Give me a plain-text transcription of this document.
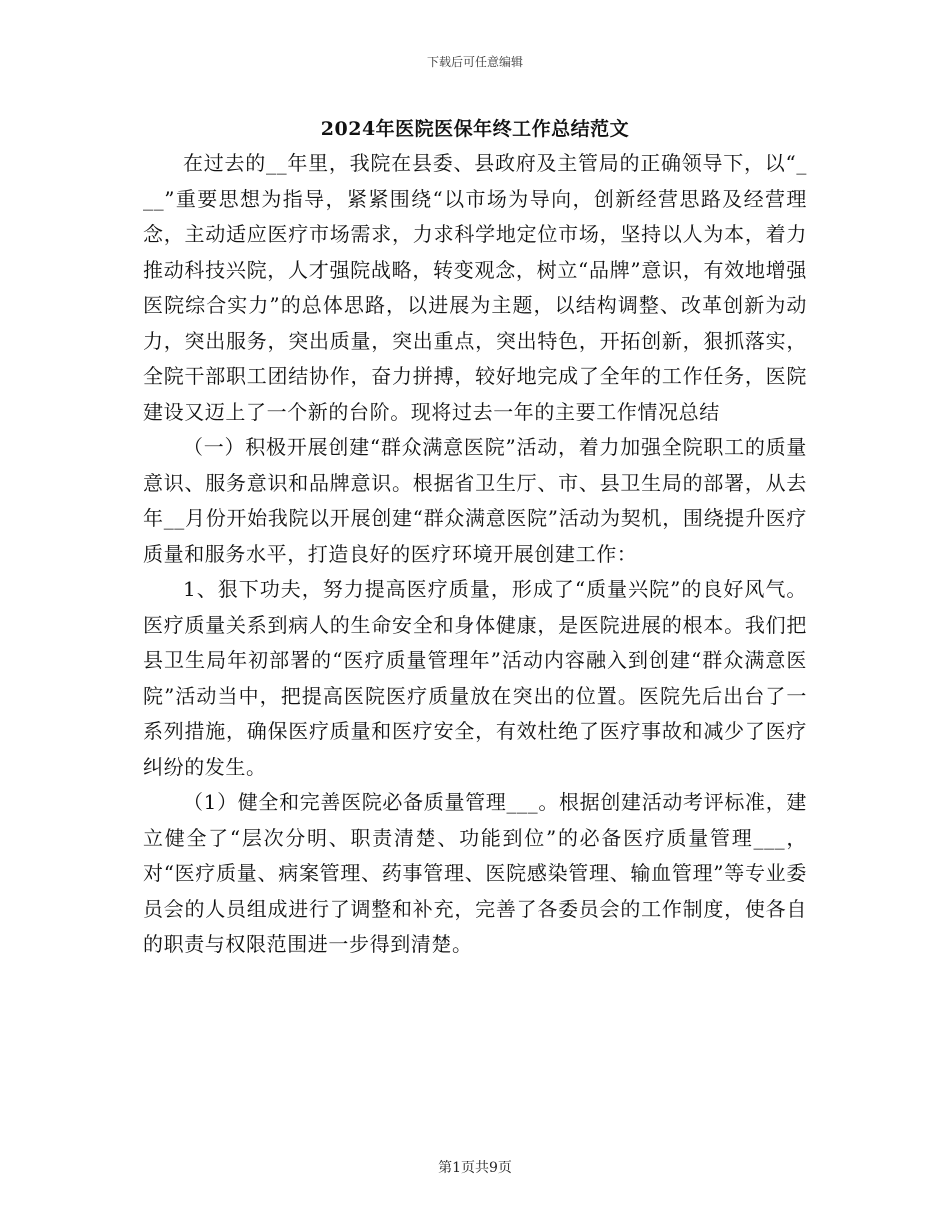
下载后可任意编辑
2024年医院医保年终工作总结范文

在过去的__年里，我院在县委、县政府及主管局的正确领导下，以“___”重要思想为指导，紧紧围绕“以市场为导向，创新经营思路及经营理念，主动适应医疗市场需求，力求科学地定位市场，坚持以人为本，着力推动科技兴院，人才强院战略，转变观念，树立“品牌”意识，有效地增强医院综合实力”的总体思路，以进展为主题，以结构调整、改革创新为动力，突出服务，突出质量，突出重点，突出特色，开拓创新，狠抓落实，全院干部职工团结协作，奋力拼搏，较好地完成了全年的工作任务，医院建设又迈上了一个新的台阶。现将过去一年的主要工作情况总结

（一）积极开展创建“群众满意医院”活动，着力加强全院职工的质量意识、服务意识和品牌意识。根据省卫生厅、市、县卫生局的部署，从去年__月份开始我院以开展创建“群众满意医院”活动为契机，围绕提升医疗质量和服务水平，打造良好的医疗环境开展创建工作：

1、狠下功夫，努力提高医疗质量，形成了“质量兴院”的良好风气。医疗质量关系到病人的生命安全和身体健康，是医院进展的根本。我们把县卫生局年初部署的“医疗质量管理年”活动内容融入到创建“群众满意医院”活动当中，把提高医院医疗质量放在突出的位置。医院先后出台了一系列措施，确保医疗质量和医疗安全，有效杜绝了医疗事故和减少了医疗纠纷的发生。

（1）健全和完善医院必备质量管理___。根据创建活动考评标准，建立健全了“层次分明、职责清楚、功能到位”的必备医疗质量管理___，对“医疗质量、病案管理、药事管理、医院感染管理、输血管理”等专业委员会的人员组成进行了调整和补充，完善了各委员会的工作制度，使各自的职责与权限范围进一步得到清楚。

第1页共9页
